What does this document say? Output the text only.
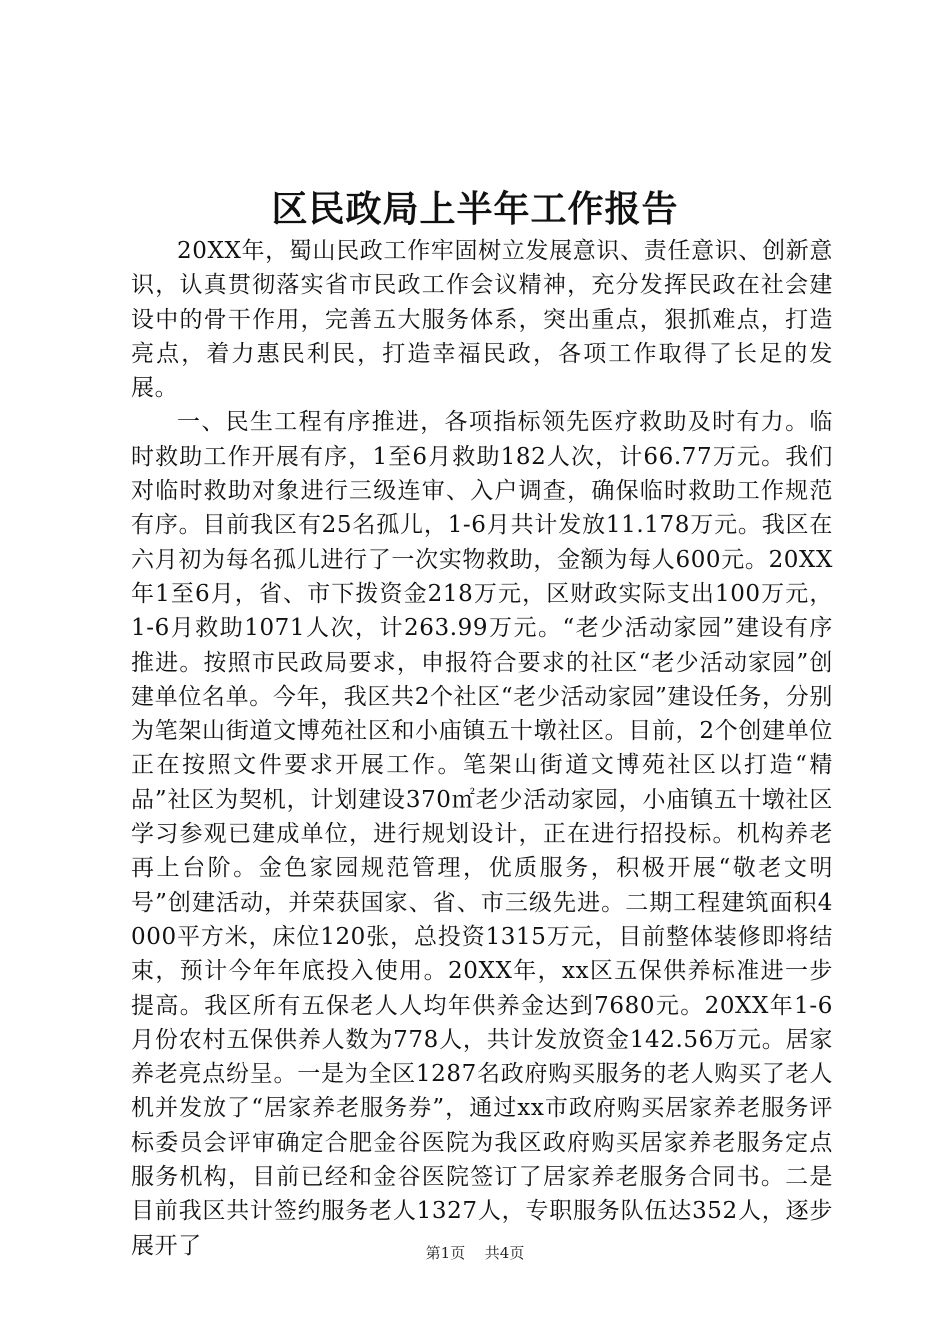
区民政局上半年工作报告

20XX年，蜀山民政工作牢固树立发展意识、责任意识、创新意识，认真贯彻落实省市民政工作会议精神，充分发挥民政在社会建设中的骨干作用，完善五大服务体系，突出重点，狠抓难点，打造亮点，着力惠民利民，打造幸福民政，各项工作取得了长足的发展。

一、民生工程有序推进，各项指标领先医疗救助及时有力。临时救助工作开展有序，1至6月救助182人次，计66.77万元。我们对临时救助对象进行三级连审、入户调查，确保临时救助工作规范有序。目前我区有25名孤儿，1-6月共计发放11.178万元。我区在六月初为每名孤儿进行了一次实物救助，金额为每人600元。20XX年1至6月，省、市下拨资金218万元，区财政实际支出100万元，1-6月救助1071人次，计263.99万元。“老少活动家园”建设有序推进。按照市民政局要求，申报符合要求的社区“老少活动家园”创建单位名单。今年，我区共2个社区“老少活动家园”建设任务，分别为笔架山街道文博苑社区和小庙镇五十墩社区。目前，2个创建单位正在按照文件要求开展工作。笔架山街道文博苑社区以打造“精品”社区为契机，计划建设370㎡老少活动家园，小庙镇五十墩社区学习参观已建成单位，进行规划设计，正在进行招投标。机构养老再上台阶。金色家园规范管理，优质服务，积极开展“敬老文明号”创建活动，并荣获国家、省、市三级先进。二期工程建筑面积4000平方米，床位120张，总投资1315万元，目前整体装修即将结束，预计今年年底投入使用。20XX年，xx区五保供养标准进一步提高。我区所有五保老人人均年供养金达到7680元。20XX年1-6月份农村五保供养人数为778人，共计发放资金142.56万元。居家养老亮点纷呈。一是为全区1287名政府购买服务的老人购买了老人机并发放了“居家养老服务券”，通过xx市政府购买居家养老服务评标委员会评审确定合肥金谷医院为我区政府购买居家养老服务定点服务机构，目前已经和金谷医院签订了居家养老服务合同书。二是目前我区共计签约服务老人1327人，专职服务队伍达352人，逐步展开了	第1页 共4页
